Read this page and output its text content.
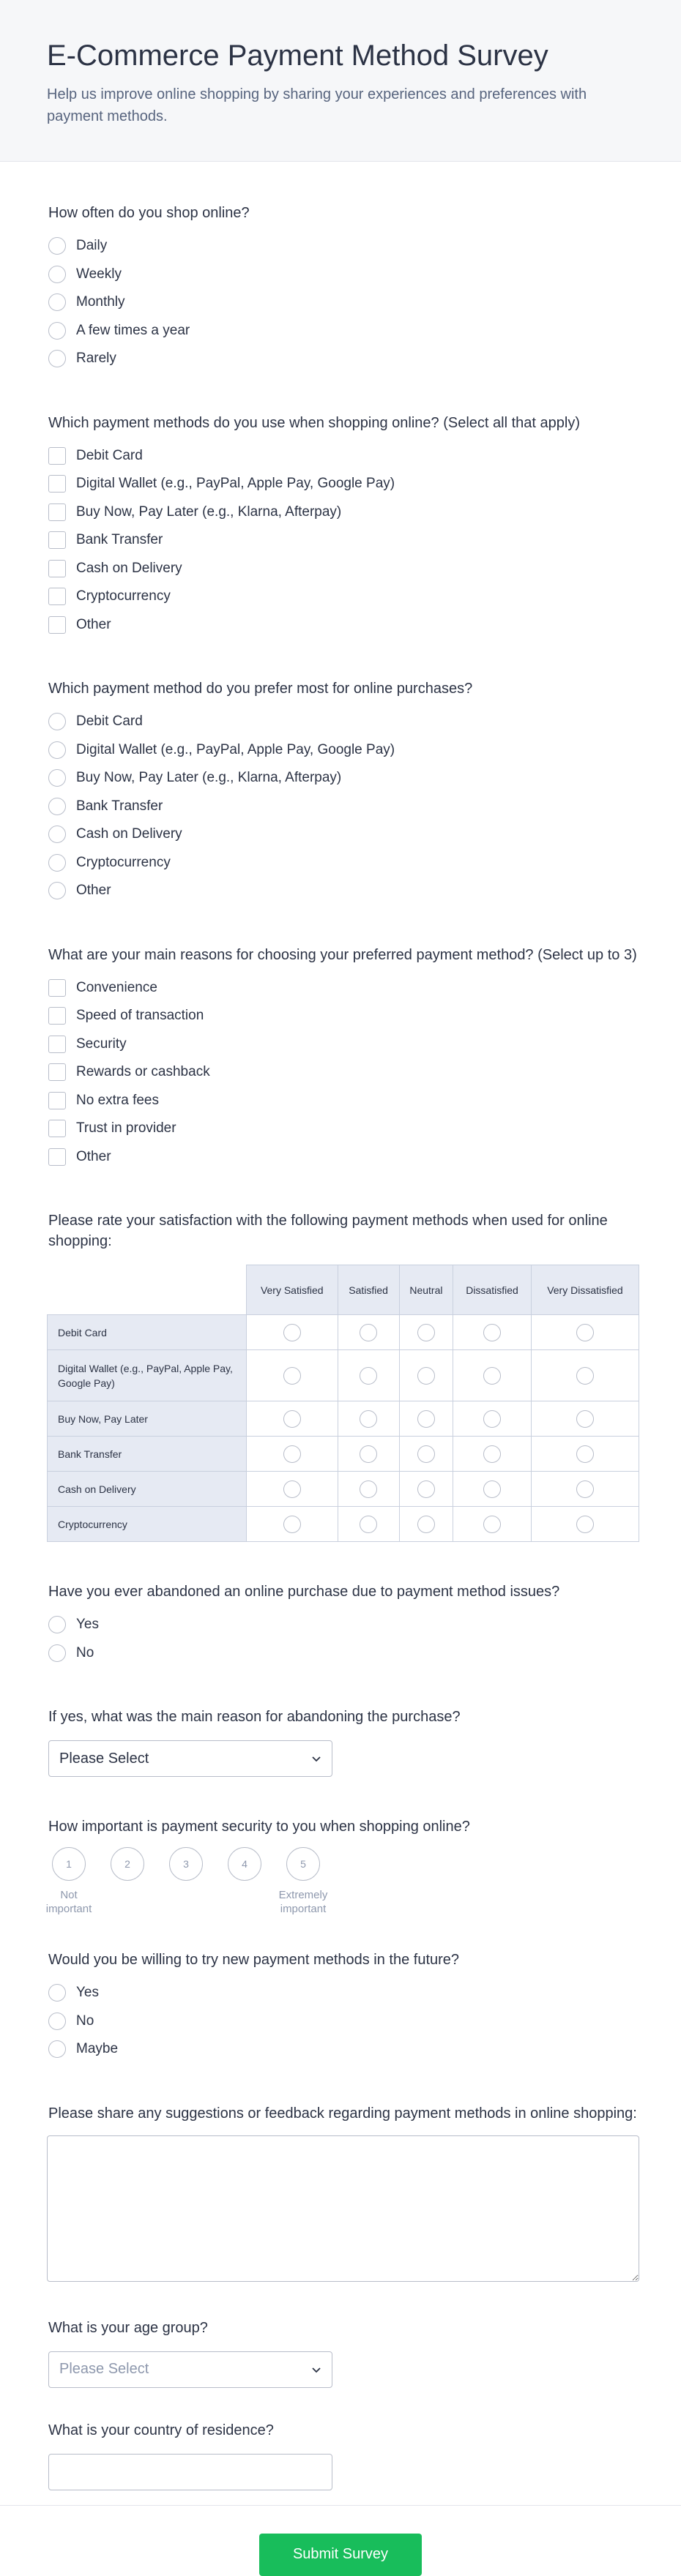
E-Commerce Payment Method Survey

Help us improve online shopping by sharing your experiences and preferences with payment methods.

How often do you shop online?
Daily
Weekly
Monthly
A few times a year
Rarely
Which payment methods do you use when shopping online? (Select all that apply)
Debit Card
Digital Wallet (e.g., PayPal, Apple Pay, Google Pay)
Buy Now, Pay Later (e.g., Klarna, Afterpay)
Bank Transfer
Cash on Delivery
Cryptocurrency
Other
Which payment method do you prefer most for online purchases?
Debit Card
Digital Wallet (e.g., PayPal, Apple Pay, Google Pay)
Buy Now, Pay Later (e.g., Klarna, Afterpay)
Bank Transfer
Cash on Delivery
Cryptocurrency
Other
What are your main reasons for choosing your preferred payment method? (Select up to 3)
Convenience
Speed of transaction
Security
Rewards or cashback
No extra fees
Trust in provider
Other
Please rate your satisfaction with the following payment methods when used for online shopping:
	Very Satisfied	Satisfied	Neutral	Dissatisfied	Very Dissatisfied
Debit Card					
Digital Wallet (e.g., PayPal, Apple Pay, Google Pay)					
Buy Now, Pay Later					
Bank Transfer					
Cash on Delivery					
Cryptocurrency					
Have you ever abandoned an online purchase due to payment method issues?
Yes
No
If yes, what was the main reason for abandoning the purchase?
Please Select
How important is payment security to you when shopping online?
1
Not important
2	3	4	5
Extremely important
Would you be willing to try new payment methods in the future?
Yes
No
Maybe
Please share any suggestions or feedback regarding payment methods in online shopping:
What is your age group?
Please Select
What is your country of residence?
Submit Survey
